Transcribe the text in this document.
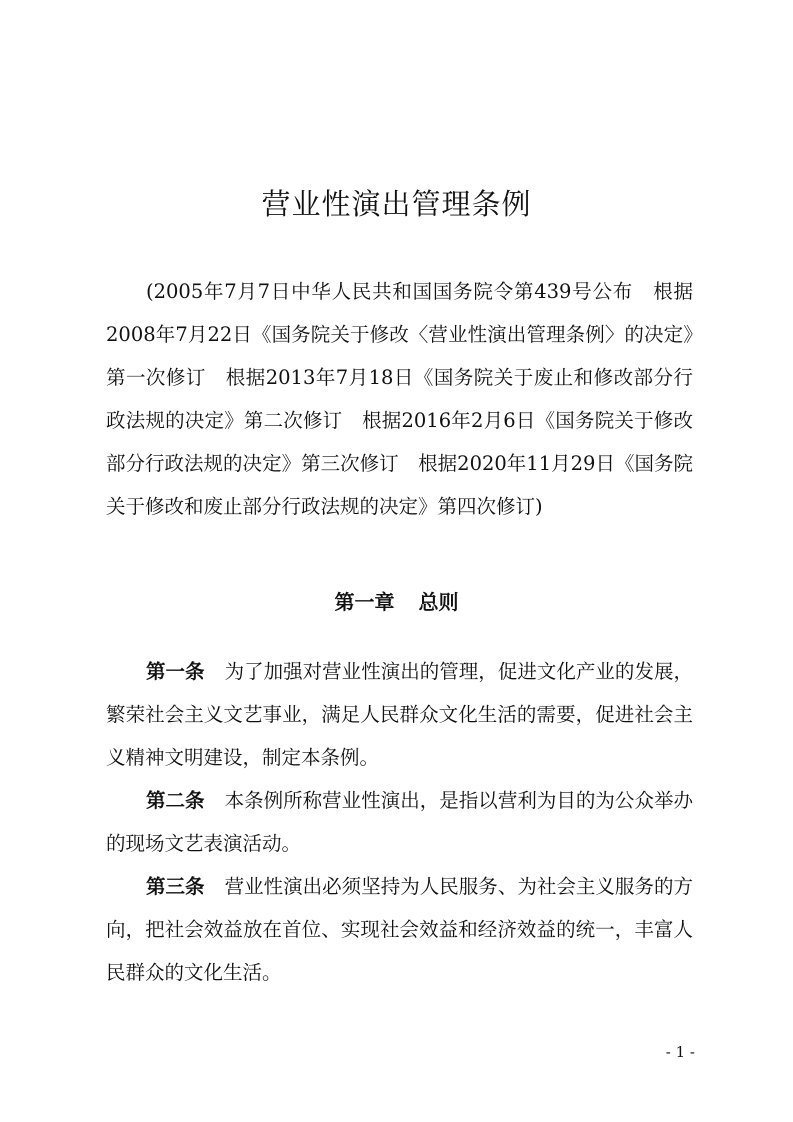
营业性演出管理条例

(2005年7月7日中华人民共和国国务院令第439号公布　根据2008年7月22日《国务院关于修改〈营业性演出管理条例〉的决定》第一次修订　根据2013年7月18日《国务院关于废止和修改部分行政法规的决定》第二次修订　根据2016年2月6日《国务院关于修改部分行政法规的决定》第三次修订　根据2020年11月29日《国务院关于修改和废止部分行政法规的决定》第四次修订)

第一章 总则

第一条 为了加强对营业性演出的管理，促进文化产业的发展，繁荣社会主义文艺事业，满足人民群众文化生活的需要，促进社会主义精神文明建设，制定本条例。

第二条 本条例所称营业性演出，是指以营利为目的为公众举办的现场文艺表演活动。

第三条 营业性演出必须坚持为人民服务、为社会主义服务的方向，把社会效益放在首位、实现社会效益和经济效益的统一，丰富人民群众的文化生活。

- 1 -
